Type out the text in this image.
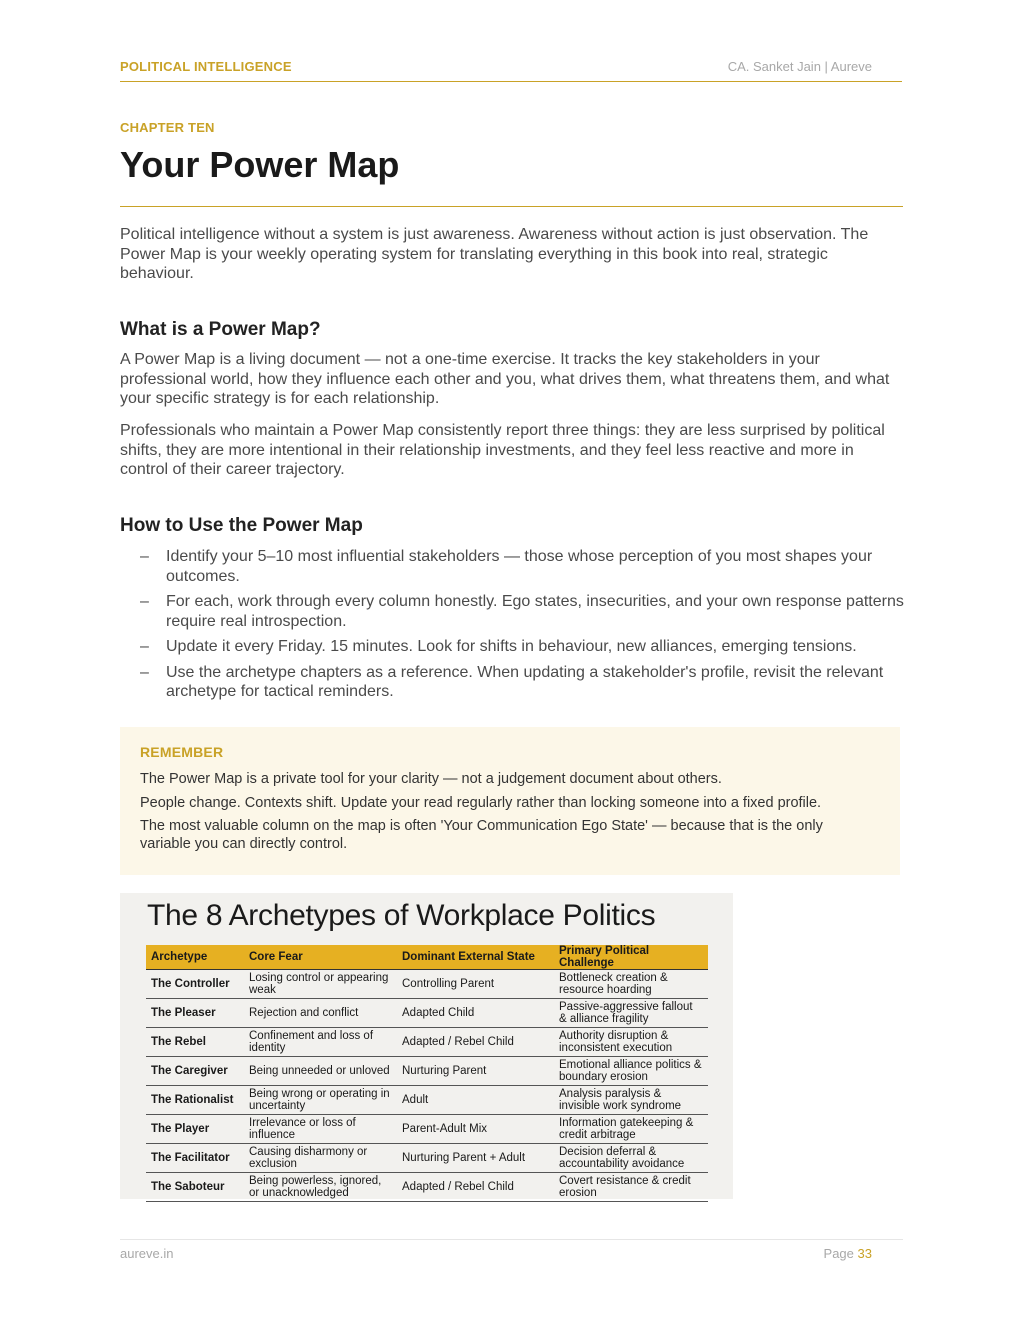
POLITICAL INTELLIGENCE	CA. Sanket Jain | Aureve
CHAPTER TEN
Your Power Map

Political intelligence without a system is just awareness. Awareness without action is just observation. The Power Map is your weekly operating system for translating everything in this book into real, strategic behaviour.

What is a Power Map?

A Power Map is a living document — not a one-time exercise. It tracks the key stakeholders in your professional world, how they influence each other and you, what drives them, what threatens them, and what your specific strategy is for each relationship.

Professionals who maintain a Power Map consistently report three things: they are less surprised by political shifts, they are more intentional in their relationship investments, and they feel less reactive and more in control of their career trajectory.

How to Use the Power Map
– Identify your 5–10 most influential stakeholders — those whose perception of you most shapes your outcomes.
– For each, work through every column honestly. Ego states, insecurities, and your own response patterns require real introspection.
– Update it every Friday. 15 minutes. Look for shifts in behaviour, new alliances, emerging tensions.
– Use the archetype chapters as a reference. When updating a stakeholder's profile, revisit the relevant archetype for tactical reminders.
REMEMBER

The Power Map is a private tool for your clarity — not a judgement document about others.

People change. Contexts shift. Update your read regularly rather than locking someone into a fixed profile.

The most valuable column on the map is often 'Your Communication Ego State' — because that is the only variable you can directly control.

The 8 Archetypes of Workplace Politics
Archetype	Core Fear	Dominant External State	Primary Political Challenge
The Controller	Losing control or appearing weak	Controlling Parent	Bottleneck creation & resource hoarding
The Pleaser	Rejection and conflict	Adapted Child	Passive-aggressive fallout & alliance fragility
The Rebel	Confinement and loss of identity	Adapted / Rebel Child	Authority disruption & inconsistent execution
The Caregiver	Being unneeded or unloved	Nurturing Parent	Emotional alliance politics & boundary erosion
The Rationalist	Being wrong or operating in uncertainty	Adult	Analysis paralysis & invisible work syndrome
The Player	Irrelevance or loss of influence	Parent-Adult Mix	Information gatekeeping & credit arbitrage
The Facilitator	Causing disharmony or exclusion	Nurturing Parent + Adult	Decision deferral & accountability avoidance
The Saboteur	Being powerless, ignored, or unacknowledged	Adapted / Rebel Child	Covert resistance & credit erosion
aureve.in	Page 33
